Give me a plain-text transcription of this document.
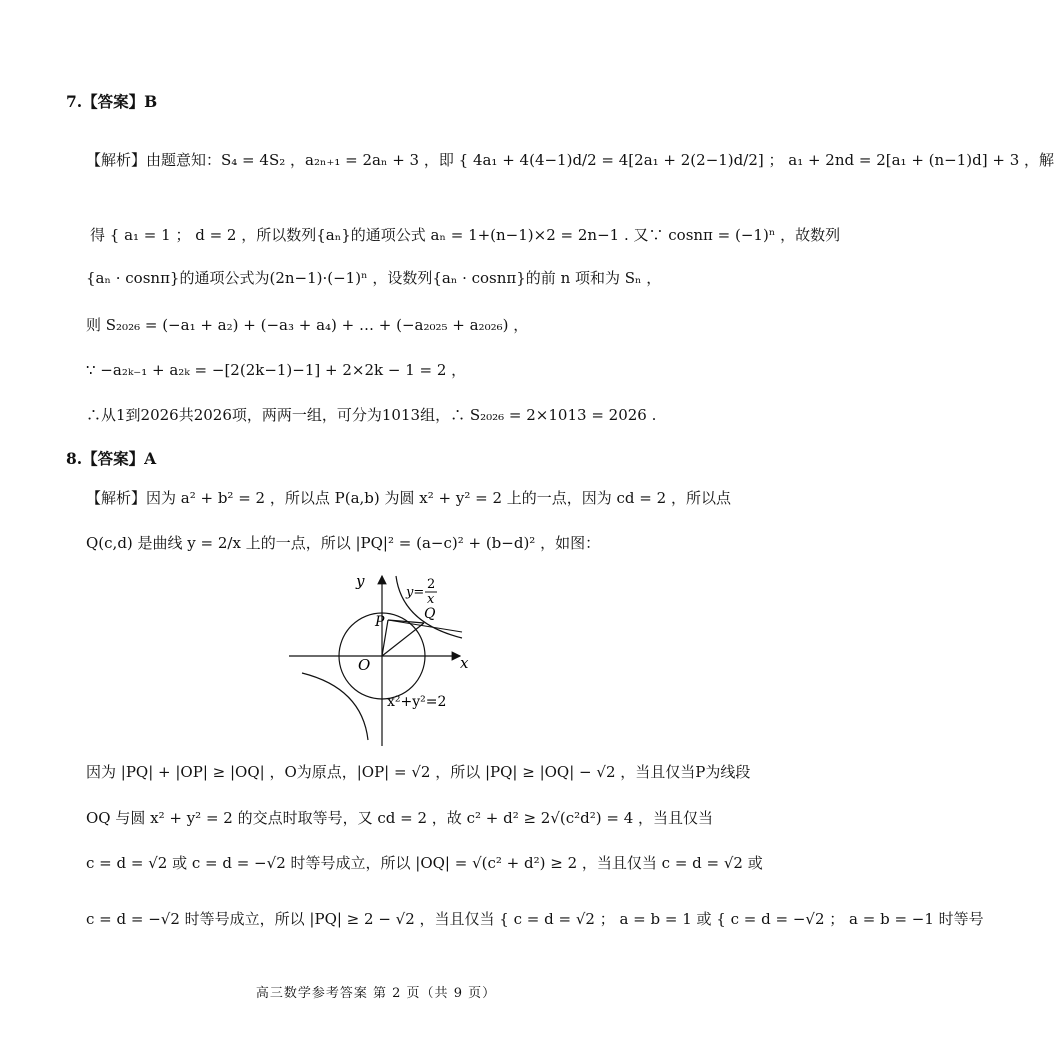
7.【答案】B
【解析】由题意知：S₄ = 4S₂ ，a₂ₙ₊₁ = 2aₙ + 3 ，即 { 4a₁ + 4(4−1)d/2 = 4[2a₁ + 2(2−1)d/2] ； a₁ + 2nd = 2[a₁ + (n−1)d] + 3 ，解
得 { a₁ = 1 ； d = 2 ，所以数列{aₙ}的通项公式 aₙ = 1+(n−1)×2 = 2n−1 . 又∵ cosnπ = (−1)ⁿ ，故数列
{aₙ · cosnπ}的通项公式为(2n−1)·(−1)ⁿ ，设数列{aₙ · cosnπ}的前 n 项和为 Sₙ ，
则 S₂₀₂₆ = (−a₁ + a₂) + (−a₃ + a₄) + … + (−a₂₀₂₅ + a₂₀₂₆) ，
∵ −a₂ₖ₋₁ + a₂ₖ = −[2(2k−1)−1] + 2×2k − 1 = 2 ，
∴从1到2026共2026项，两两一组，可分为1013组，∴ S₂₀₂₆ = 2×1013 = 2026 .
8.【答案】A
【解析】因为 a² + b² = 2 ，所以点 P(a,b) 为圆 x² + y² = 2 上的一点，因为 cd = 2 ，所以点
Q(c,d) 是曲线 y = 2/x 上的一点，所以 |PQ|² = (a−c)² + (b−d)² ，如图：
y
x
O
P	Q
y=
2
x
x²+y²=2
因为 |PQ| + |OP| ≥ |OQ| ，O为原点，|OP| = √2 ，所以 |PQ| ≥ |OQ| − √2 ，当且仅当P为线段
OQ 与圆 x² + y² = 2 的交点时取等号，又 cd = 2 ，故 c² + d² ≥ 2√(c²d²) = 4 ，当且仅当
c = d = √2 或 c = d = −√2 时等号成立，所以 |OQ| = √(c² + d²) ≥ 2 ，当且仅当 c = d = √2 或
c = d = −√2 时等号成立，所以 |PQ| ≥ 2 − √2 ，当且仅当 { c = d = √2 ； a = b = 1 或 { c = d = −√2 ； a = b = −1 时等号
高三数学参考答案 第 2 页（共 9 页）
